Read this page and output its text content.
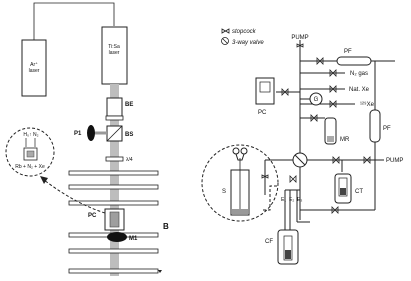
Ar⁺
laser
Ti:Sa
laser
BE
BS
P1
λ/4
PC
M1
B
H₀↑ N₂
Rb + N₂ + Xe
stopcock
3-way valve
PUMP
PF
N₂ gas
Nat. Xe
¹²⁹Xe
PC
G
MR
PF
PUMP
CT
S
E₁ E₂ E₃
CF
